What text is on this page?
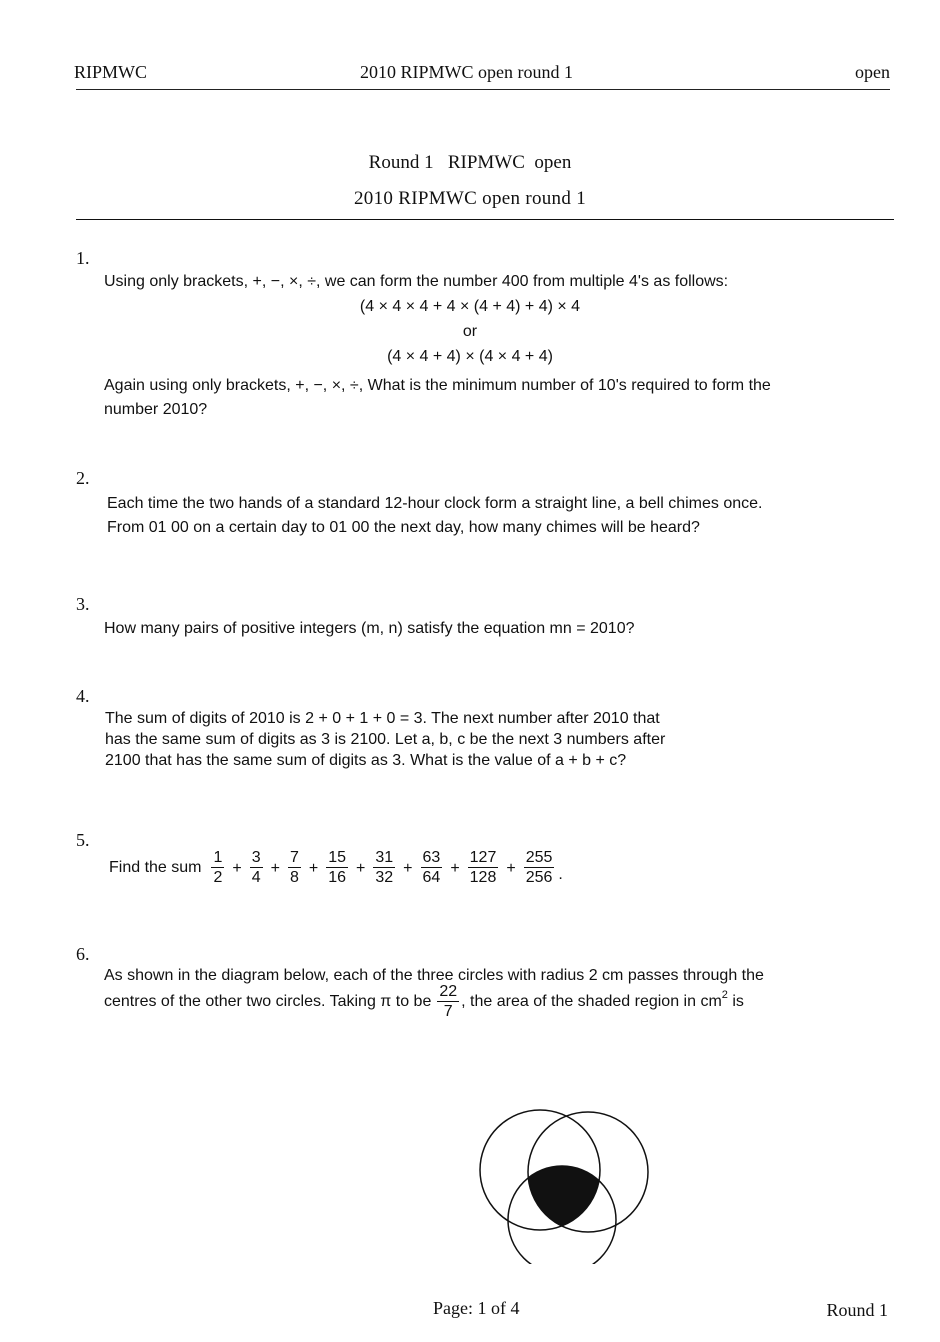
RIPMWC	2010 RIPMWC open round 1	open
Round 1   RIPMWC  open
2010 RIPMWC open round 1
1.
Using only brackets, +, −, ×, ÷, we can form the number 400 from multiple 4's as follows:
(4 × 4 × 4 + 4 × (4 + 4) + 4) × 4
or
(4 × 4 + 4) × (4 × 4 + 4)
Again using only brackets, +, −, ×, ÷, What is the minimum number of 10's required to form the
number 2010?
2.
Each time the two hands of a standard 12-hour clock form a straight line, a bell chimes once.
From 01 00 on a certain day to 01 00 the next day, how many chimes will be heard?
3.
How many pairs of positive integers (m, n) satisfy the equation mn = 2010?
4.
The sum of digits of 2010 is 2 + 0 + 1 + 0 = 3. The next number after 2010 that
has the same sum of digits as 3 is 2100. Let a, b, c be the next 3 numbers after
2100 that has the same sum of digits as 3. What is the value of a + b + c?
5.
Find the sum $\frac{1}{2} + \frac{3}{4} + \frac{7}{8} + \frac{15}{16} + \frac{31}{32} + \frac{63}{64} + \frac{127}{128} + \frac{255}{256}$ .
6.
As shown in the diagram below, each of the three circles with radius 2 cm passes through the
centres of the other two circles. Taking π to be $\frac{22}{7}$ , the area of the shaded region in $cm^2$ is
Page: 1 of 4	Round 1
